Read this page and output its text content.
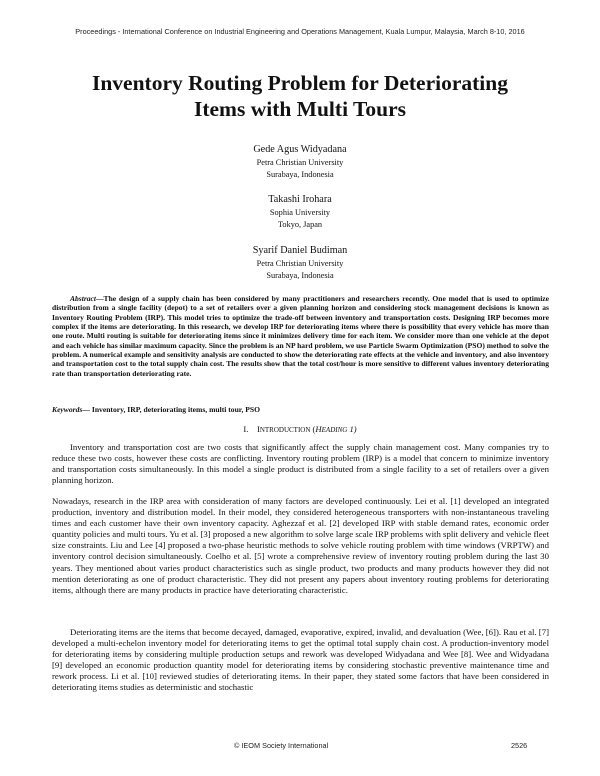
Proceedings - International Conference on Industrial Engineering and Operations Management, Kuala Lumpur, Malaysia, March 8-10, 2016
Inventory Routing Problem for Deteriorating
Items with Multi Tours
Gede Agus Widyadana
Petra Christian University
Surabaya, Indonesia
Takashi Irohara
Sophia University
Tokyo, Japan
Syarif Daniel Budiman
Petra Christian University
Surabaya, Indonesia

Abstract—The design of a supply chain has been considered by many practitioners and researchers recently. One model that is used to optimize distribution from a single facility (depot) to a set of retailers over a given planning horizon and considering stock management decisions is known as Inventory Routing Problem (IRP). This model tries to optimize the trade-off between inventory and transportation costs. Designing IRP becomes more complex if the items are deteriorating. In this research, we develop IRP for deteriorating items where there is possibility that every vehicle has more than one route. Multi routing is suitable for deteriorating items since it minimizes delivery time for each item. We consider more than one vehicle at the depot and each vehicle has similar maximum capacity. Since the problem is an NP hard problem, we use Particle Swarm Optimization (PSO) method to solve the problem. A numerical example and sensitivity analysis are conducted to show the deteriorating rate effects at the vehicle and inventory, and also inventory and transportation cost to the total supply chain cost. The results show that the total cost/hour is more sensitive to different values inventory deteriorating rate than transportation deteriorating rate.

Keywords— Inventory, IRP, deteriorating items, multi tour, PSO

I. INTRODUCTION (HEADING 1)

Inventory and transportation cost are two costs that significantly affect the supply chain management cost. Many companies try to reduce these two costs, however these costs are conflicting. Inventory routing problem (IRP) is a model that concern to minimize inventory and transportation costs simultaneously. In this model a single product is distributed from a single facility to a set of retailers over a given planning horizon.

Nowadays, research in the IRP area with consideration of many factors are developed continuously. Lei et al. [1] developed an integrated production, inventory and distribution model. In their model, they considered heterogeneous transporters with non-instantaneous traveling times and each customer have their own inventory capacity. Aghezzaf et al. [2] developed IRP with stable demand rates, economic order quantity policies and multi tours. Yu et al. [3] proposed a new algorithm to solve large scale IRP problems with split delivery and vehicle fleet size constraints. Liu and Lee [4] proposed a two-phase heuristic methods to solve vehicle routing problem with time windows (VRPTW) and inventory control decision simultaneously. Coelho et al. [5] wrote a comprehensive review of inventory routing problem during the last 30 years. They mentioned about varies product characteristics such as single product, two products and many products however they did not mention deteriorating as one of product characteristic. They did not present any papers about inventory routing problems for deteriorating items, although there are many products in practice have deteriorating characteristic.

Deteriorating items are the items that become decayed, damaged, evaporative, expired, invalid, and devaluation (Wee, [6]). Rau et al. [7] developed a multi-echelon inventory model for deteriorating items to get the optimal total supply chain cost. A production-inventory model for deteriorating items by considering multiple production setups and rework was developed Widyadana and Wee [8]. Wee and Widyadana [9] developed an economic production quantity model for deteriorating items by considering stochastic preventive maintenance time and rework process. Li et al. [10] reviewed studies of deteriorating items. In their paper, they stated some factors that have been considered in deteriorating items studies as deterministic and stochastic

© IEOM Society International	2526
